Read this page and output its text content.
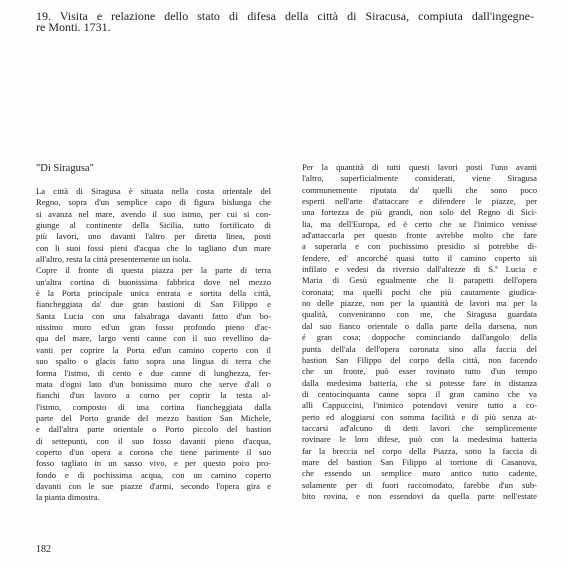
19. Visita e relazione dello stato di difesa della città di Siracusa, compiuta dall'ingegne-
re Monti. 1731.

"Di Siragusa"

La città di Siragusa è situata nella costa orientale del
Regno, sopra d'un semplice capo di figura bislunga che
si avanza nel mare, avendo il suo istmo, per cui si con-
giunge al continente della Sicilia, tutto fortificato di
più lavori, uno davanti l'altro per diretta linea, posti
con li suoi fossi pieni d'acqua che lo tagliano d'un mare
all'altro, resta la città presentemente un isola.

Copre il fronte di questa piazza per la parte di terra
un'altra cortina di buonissima fabbrica dove nel mezzo
è la Porta principale unica entrata e sortita della città,
fiancheggiata da' due gran bastioni di San Filippo e
Santa Lucia con una falsabraga davanti fatto d'un bo-
nissimo muro ed'un gran fosso profondo pieno d'ac-
qua del mare, largo venti canne con il suo revellino da-
vanti per coprire la Porta ed'un camino coperto con il
suo spalto o glacis fatto sopra una lingua di terra che
forma l'istmo, di cento e due canne di lunghezza, fer-
mata d'ogni lato d'un bonissimo muro che serve d'ali o
fianchi d'un lavoro a corno per coprir la testa al-
l'istmo, composto di una cortina fiancheggiata dalla
parte del Porto grande del mezzo bastion San Michele,
e dall'altra parte orientale o Porto piccolo del bastion
di settepunti, con il suo fosso davanti pieno d'acqua,
coperto d'un opera a corona che tiene parimente il suo
fosso tagliato in un sasso vivo, e per questo poco pro-
fondo e di pochissima acqua, con un camino coperto
davanti con le sue piazze d'armi, secondo l'opera gira e
la pianta dimostra.

Per la quantità di tutti questi lavori posti l'uno avanti
l'altro, superficialmente considerati, viene Siragusa
communemente riputata da' quelli che sono poco
esperti nell'arte d'attaccare e difendere le piazze, per
una fortezza de più grandi, non solo del Regno di Sici-
lia, ma dell'Europa, ed è certo che se l'inimico venisse
ad'attaccarla per questo fronte avrebbe molto che fare
a superarla e con pochissimo presidio si potrebbe di-
fendere, ed' ancorché quasi tutto il camino coperto sii
infilato e vedesi da riversio dall'altezze di S.ª Lucia e
Maria di Gesù egualmente che li parapetti dell'opera
coronata; ma quelli pochi che più cautamente giudica-
no delle piazze, non per la quantità de lavori ma per la
qualità, conveniranno con me, che Siragusa guardata
dal suo fianco orientale o dalla parte della darsena, non
é gran cosa; doppoche cominciando dall'angolo della
punta dell'ala dell'opera coronata sino alla faccia del
bastion San Filippo del corpo della città, non facendo
che un fronte, può esser rovinato tutto d'un tempo
dalla medesima batteria, che si potesse fare in distanza
di centocinquanta canne sopra il gran camino che va
alli Cappuccini, l'inimico potendovi venire tutto a co-
perto ed aloggiarsi con somma facilità e di più senza at-
taccarsi ad'alcuno di detti lavori che semplicemente
rovinare le loro difese, può con la medesima batteria
far la breccia nel corpo della Piazza, sotto la faccia di
mare del bastion San Filippo al torrione di Casanova,
che essendo un semplice muro antico tutto cadente,
solamente per di fuori raccomodato, farebbe d'un sub-
bito rovina, e non essendovi da quella parte nell'estate

182
